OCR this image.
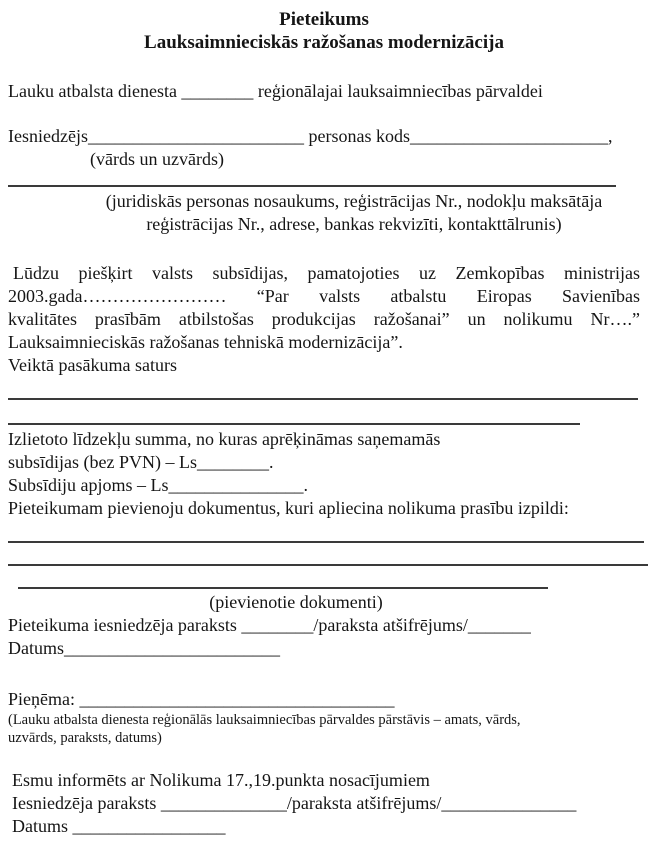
Pieteikums
Lauksaimnieciskās ražošanas modernizācija
Lauku atbalsta dienesta ________ reģionālajai lauksaimniecības pārvaldei
Iesniedzējs________________________ personas kods______________________,
(vārds un uzvārds)
(juridiskās personas nosaukums, reģistrācijas Nr., nodokļu maksātāja
reģistrācijas Nr., adrese, bankas rekvizīti, kontakttālrunis)
Lūdzu piešķirt valsts subsīdijas, pamatojoties uz Zemkopības ministrijas
2003.gada…………………… “Par valsts atbalstu Eiropas Savienības
kvalitātes prasībām atbilstošas produkcijas ražošanai” un nolikumu Nr….”
Lauksaimnieciskās ražošanas tehniskā modernizācija”.
Veiktā pasākuma saturs
Izlietoto līdzekļu summa, no kuras aprēķināmas saņemamās
subsīdijas (bez PVN) – Ls________.
Subsīdiju apjoms – Ls_______________.
Pieteikumam pievienoju dokumentus, kuri apliecina nolikuma prasību izpildi:
(pievienotie dokumenti)
Pieteikuma iesniedzēja paraksts ________/paraksta atšifrējums/_______
Datums________________________
Pieņēma: ___________________________________
(Lauku atbalsta dienesta reģionālās lauksaimniecības pārvaldes pārstāvis – amats, vārds,
uzvārds, paraksts, datums)
Esmu informēts ar Nolikuma 17.,19.punkta nosacījumiem
Iesniedzēja paraksts ______________/paraksta atšifrējums/_______________
Datums _________________
